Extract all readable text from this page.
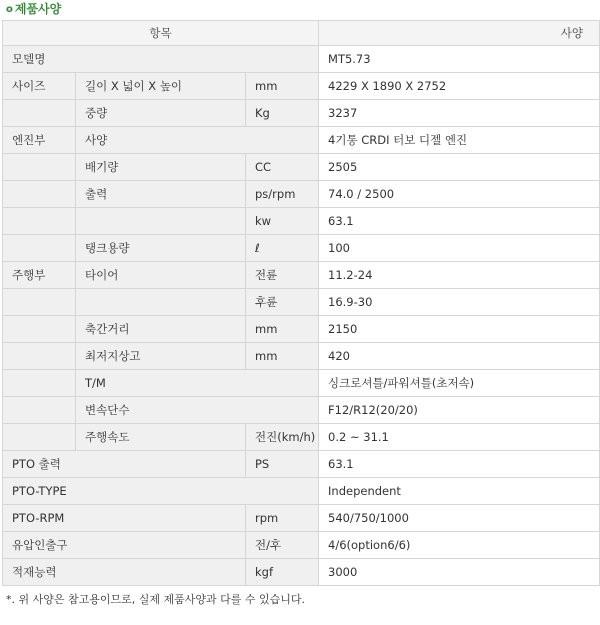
o 제품사양
항목			사양
모델명			MT5.73
사이즈	길이 X 넓이 X 높이	mm	4229 X 1890 X 2752
	중량	Kg	3237
엔진부	사양		4기통 CRDI 터보 디젤 엔진
	배기량	CC	2505
	출력	ps/rpm	74.0 / 2500
		kw	63.1
	탱크용량	ℓ	100
주행부	타이어	전륜	11.2-24
		후륜	16.9-30
	축간거리	mm	2150
	최저지상고	mm	420
	T/M		싱크로셔틀/파워셔틀(초저속)
	변속단수		F12/R12(20/20)
	주행속도	전진(km/h)	0.2 ~ 31.1
PTO 출력		PS	63.1
PTO-TYPE			Independent
PTO-RPM		rpm	540/750/1000
유압인출구		전/후	4/6(option6/6)
적재능력		kgf	3000
*. 위 사양은 참고용이므로, 실제 제품사양과 다를 수 있습니다.
